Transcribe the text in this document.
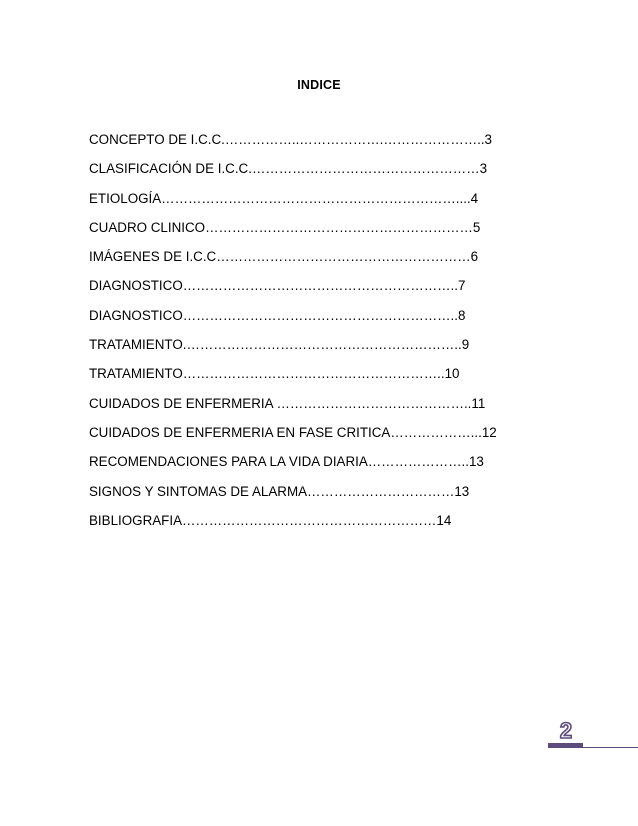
INDICE
CONCEPTO DE I.C.C.……………..……………….…………………..3
CLASIFICACIÓN DE I.C.C.……………………………………………3
ETIOLOGÍA…………………………………………………………....4
CUADRO CLINICO……………………………………………………5
IMÁGENES DE I.C.C…………………………………………………6
DIAGNOSTICO……………………………………………………..7
DIAGNOSTICO……………………………………………………..8
TRATAMIENTO.……………………………………………………..9
TRATAMIENTO…………………………………………………..10
CUIDADOS DE ENFERMERIA ……………………………………..11
CUIDADOS DE ENFERMERIA EN FASE CRITICA………………...12
RECOMENDACIONES PARA LA VIDA DIARIA…………………..13
SIGNOS Y SINTOMAS DE ALARMA……………………………13
BIBLIOGRAFIA…………………………………………………14
2
